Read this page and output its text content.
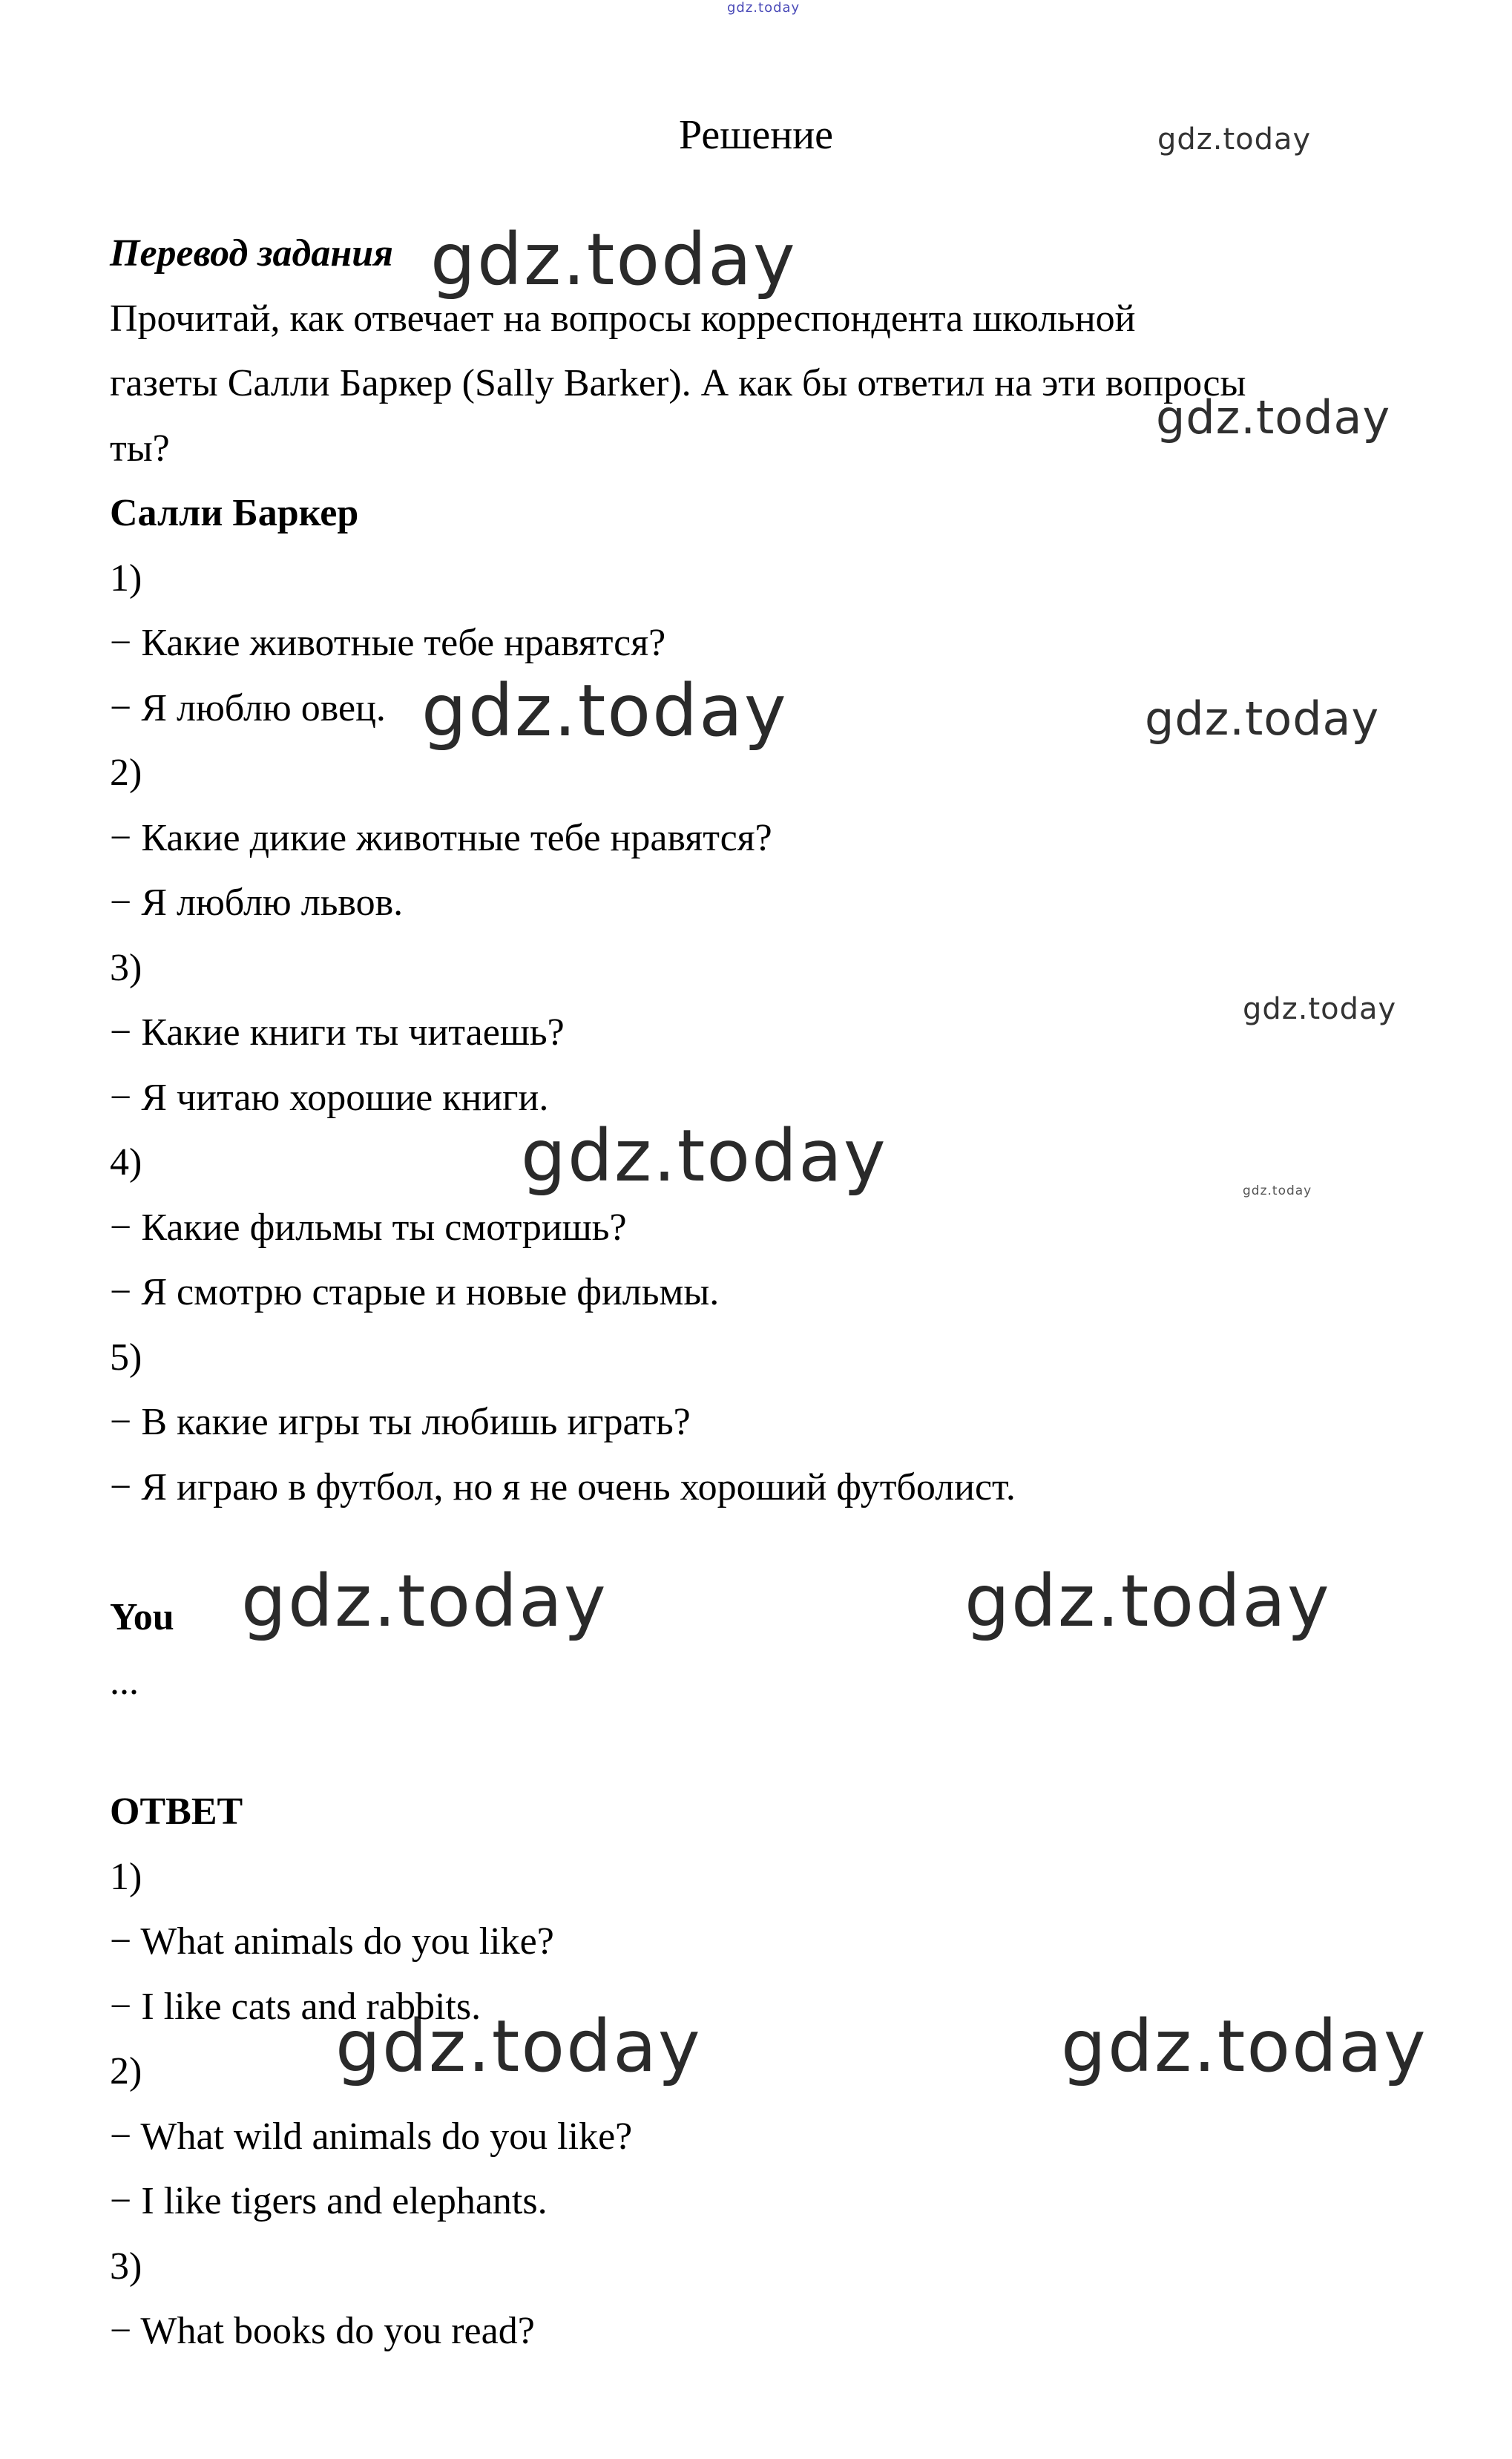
gdz.today
gdz.today
gdz.today
gdz.today
gdz.today	gdz.today
gdz.today
gdz.today	gdz.today
gdz.today	gdz.today
gdz.today	gdz.today
Решение
Перевод задания
Прочитай, как отвечает на вопросы корреспондента школьной
газеты Салли Баркер (Sally Barker). А как бы ответил на эти вопросы
ты?
Салли Баркер
1)
− Какие животные тебе нравятся?
− Я люблю овец.
2)
− Какие дикие животные тебе нравятся?
− Я люблю львов.
3)
− Какие книги ты читаешь?
− Я читаю хорошие книги.
4)
− Какие фильмы ты смотришь?
− Я смотрю старые и новые фильмы.
5)
− В какие игры ты любишь играть?
− Я играю в футбол, но я не очень хороший футболист.
You
...
ОТВЕТ
1)
− What animals do you like?
− I like cats and rabbits.
2)
− What wild animals do you like?
− I like tigers and elephants.
3)
− What books do you read?
